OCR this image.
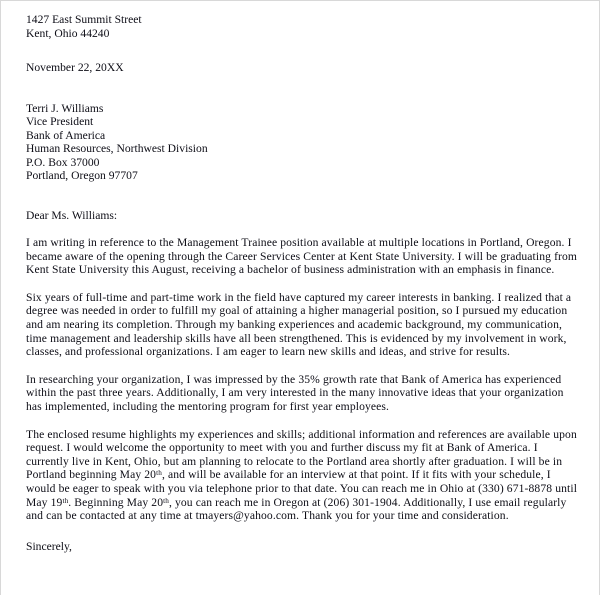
1427 East Summit Street
Kent, Ohio 44240
November 22, 20XX
Terri J. Williams
Vice President
Bank of America
Human Resources, Northwest Division
P.O. Box 37000
Portland, Oregon 97707
Dear Ms. Williams:

I am writing in reference to the Management Trainee position available at multiple locations in Portland, Oregon. I became aware of the opening through the Career Services Center at Kent State University. I will be graduating from Kent State University this August, receiving a bachelor of business administration with an emphasis in finance.

Six years of full-time and part-time work in the field have captured my career interests in banking. I realized that a degree was needed in order to fulfill my goal of attaining a higher managerial position, so I pursued my education and am nearing its completion. Through my banking experiences and academic background, my communication, time management and leadership skills have all been strengthened. This is evidenced by my involvement in work, classes, and professional organizations. I am eager to learn new skills and ideas, and strive for results.

In researching your organization, I was impressed by the 35% growth rate that Bank of America has experienced within the past three years. Additionally, I am very interested in the many innovative ideas that your organization has implemented, including the mentoring program for first year employees.

The enclosed resume highlights my experiences and skills; additional information and references are available upon request. I would welcome the opportunity to meet with you and further discuss my fit at Bank of America. I currently live in Kent, Ohio, but am planning to relocate to the Portland area shortly after graduation. I will be in Portland beginning May 20th, and will be available for an interview at that point. If it fits with your schedule, I would be eager to speak with you via telephone prior to that date. You can reach me in Ohio at (330) 671-8878 until May 19th. Beginning May 20th, you can reach me in Oregon at (206) 301-1904. Additionally, I use email regularly and can be contacted at any time at tmayers@yahoo.com. Thank you for your time and consideration.

Sincerely,
